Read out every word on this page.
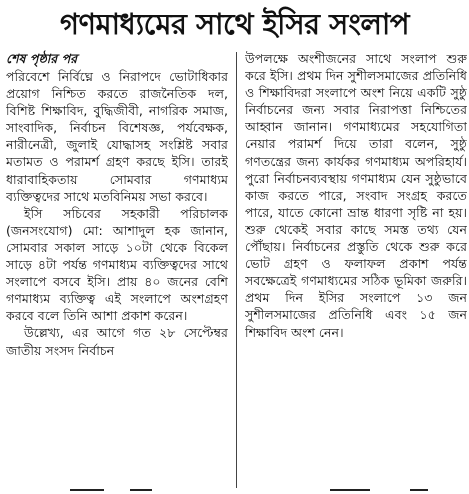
গণমাধ্যমের সাথে ইসির সংলাপ
শেষ পৃষ্ঠার পর

পরিবেশে নির্বিঘ্নে ও নিরাপদে ভোটাধিকার প্রয়োগ নিশ্চিত করতে রাজনৈতিক দল, বিশিষ্ট শিক্ষাবিদ, বুদ্ধিজীবী, নাগরিক সমাজ, সাংবাদিক, নির্বাচন বিশেষজ্ঞ, পর্যবেক্ষক, নারীনেত্রী, জুলাই যোদ্ধাসহ সংশ্লিষ্ট সবার মতামত ও পরামর্শ গ্রহণ করছে ইসি। তারই ধারাবাহিকতায় সোমবার গণমাধ্যম ব্যক্তিত্বদের সাথে মতবিনিময় সভা করবে।

ইসি সচিবের সহকারী পরিচালক (জনসংযোগ) মো: আশাদুল হক জানান, সোমবার সকাল সাড়ে ১০টা থেকে বিকেল সাড়ে ৪টা পর্যন্ত গণমাধ্যম ব্যক্তিত্বদের সাথে সংলাপে বসবে ইসি। প্রায় ৪০ জনের বেশি গণমাধ্যম ব্যক্তিত্ব এই সংলাপে অংশগ্রহণ করবে বলে তিনি আশা প্রকাশ করেন।

উল্লেখ্য, এর আগে গত ২৮ সেপ্টেম্বর জাতীয় সংসদ নির্বাচন

উপলক্ষে অংশীজনের সাথে সংলাপ শুরু করে ইসি। প্রথম দিন সুশীলসমাজের প্রতিনিধি ও শিক্ষাবিদরা সংলাপে অংশ নিয়ে একটি সুষ্ঠু নির্বাচনের জন্য সবার নিরাপত্তা নিশ্চিতের আহ্বান জানান। গণমাধ্যমের সহযোগিতা নেয়ার পরামর্শ দিয়ে তারা বলেন, সুষ্ঠু গণতন্ত্রের জন্য কার্যকর গণমাধ্যম অপরিহার্য। পুরো নির্বাচনব্যবস্থায় গণমাধ্যম যেন সুষ্ঠুভাবে কাজ করতে পারে, সংবাদ সংগ্রহ করতে পারে, যাতে কোনো ভ্রান্ত ধারণা সৃষ্টি না হয়। শুরু থেকেই সবার কাছে সমস্ত তথ্য যেন পৌঁছায়। নির্বাচনের প্রস্তুতি থেকে শুরু করে ভোট গ্রহণ ও ফলাফল প্রকাশ পর্যন্ত সবক্ষেত্রেই গণমাধ্যমের সঠিক ভূমিকা জরুরি। প্রথম দিন ইসির সংলাপে ১৩ জন সুশীলসমাজের প্রতিনিধি এবং ১৫ জন শিক্ষাবিদ অংশ নেন।
